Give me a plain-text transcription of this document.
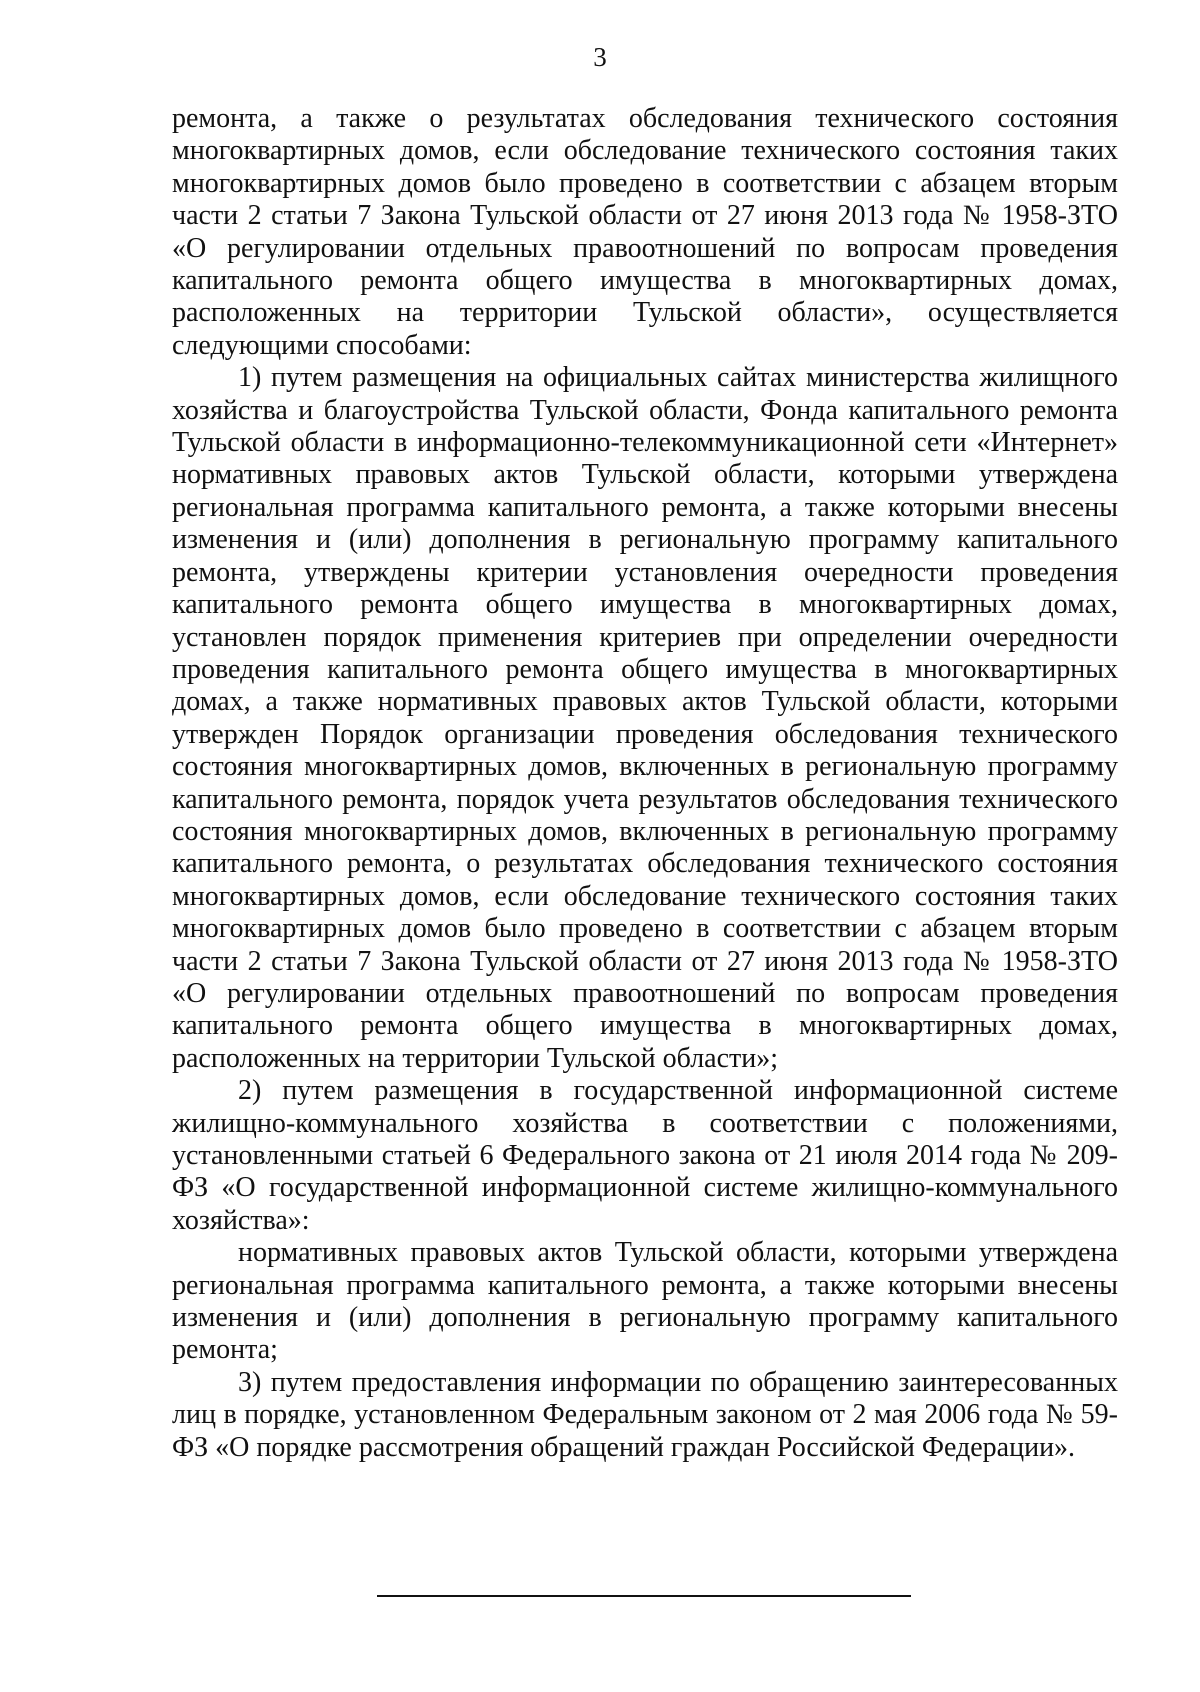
3

ремонта, а также о результатах обследования технического состояния многоквартирных домов, если обследование технического состояния таких многоквартирных домов было проведено в соответствии с абзацем вторым части 2 статьи 7 Закона Тульской области от 27 июня 2013 года № 1958-ЗТО «О регулировании отдельных правоотношений по вопросам проведения капитального ремонта общего имущества в многоквартирных домах, расположенных на территории Тульской области», осуществляется следующими способами:

1) путем размещения на официальных сайтах министерства жилищного хозяйства и благоустройства Тульской области, Фонда капитального ремонта Тульской области в информационно-телекоммуникационной сети «Интернет» нормативных правовых актов Тульской области, которыми утверждена региональная программа капитального ремонта, а также которыми внесены изменения и (или) дополнения в региональную программу капитального ремонта, утверждены критерии установления очередности проведения капитального ремонта общего имущества в многоквартирных домах, установлен порядок применения критериев при определении очередности проведения капитального ремонта общего имущества в многоквартирных домах, а также нормативных правовых актов Тульской области, которыми утвержден Порядок организации проведения обследования технического состояния многоквартирных домов, включенных в региональную программу капитального ремонта, порядок учета результатов обследования технического состояния многоквартирных домов, включенных в региональную программу капитального ремонта, о результатах обследования технического состояния многоквартирных домов, если обследование технического состояния таких многоквартирных домов было проведено в соответствии с абзацем вторым части 2 статьи 7 Закона Тульской области от 27 июня 2013 года № 1958-ЗТО «О регулировании отдельных правоотношений по вопросам проведения капитального ремонта общего имущества в многоквартирных домах, расположенных на территории Тульской области»;

2) путем размещения в государственной информационной системе жилищно-коммунального хозяйства в соответствии с положениями, установленными статьей 6 Федерального закона от 21 июля 2014 года № 209-ФЗ «О государственной информационной системе жилищно-коммунального хозяйства»:

нормативных правовых актов Тульской области, которыми утверждена региональная программа капитального ремонта, а также которыми внесены изменения и (или) дополнения в региональную программу капитального ремонта;

3) путем предоставления информации по обращению заинтересованных лиц в порядке, установленном Федеральным законом от 2 мая 2006 года № 59-ФЗ «О порядке рассмотрения обращений граждан Российской Федерации».
